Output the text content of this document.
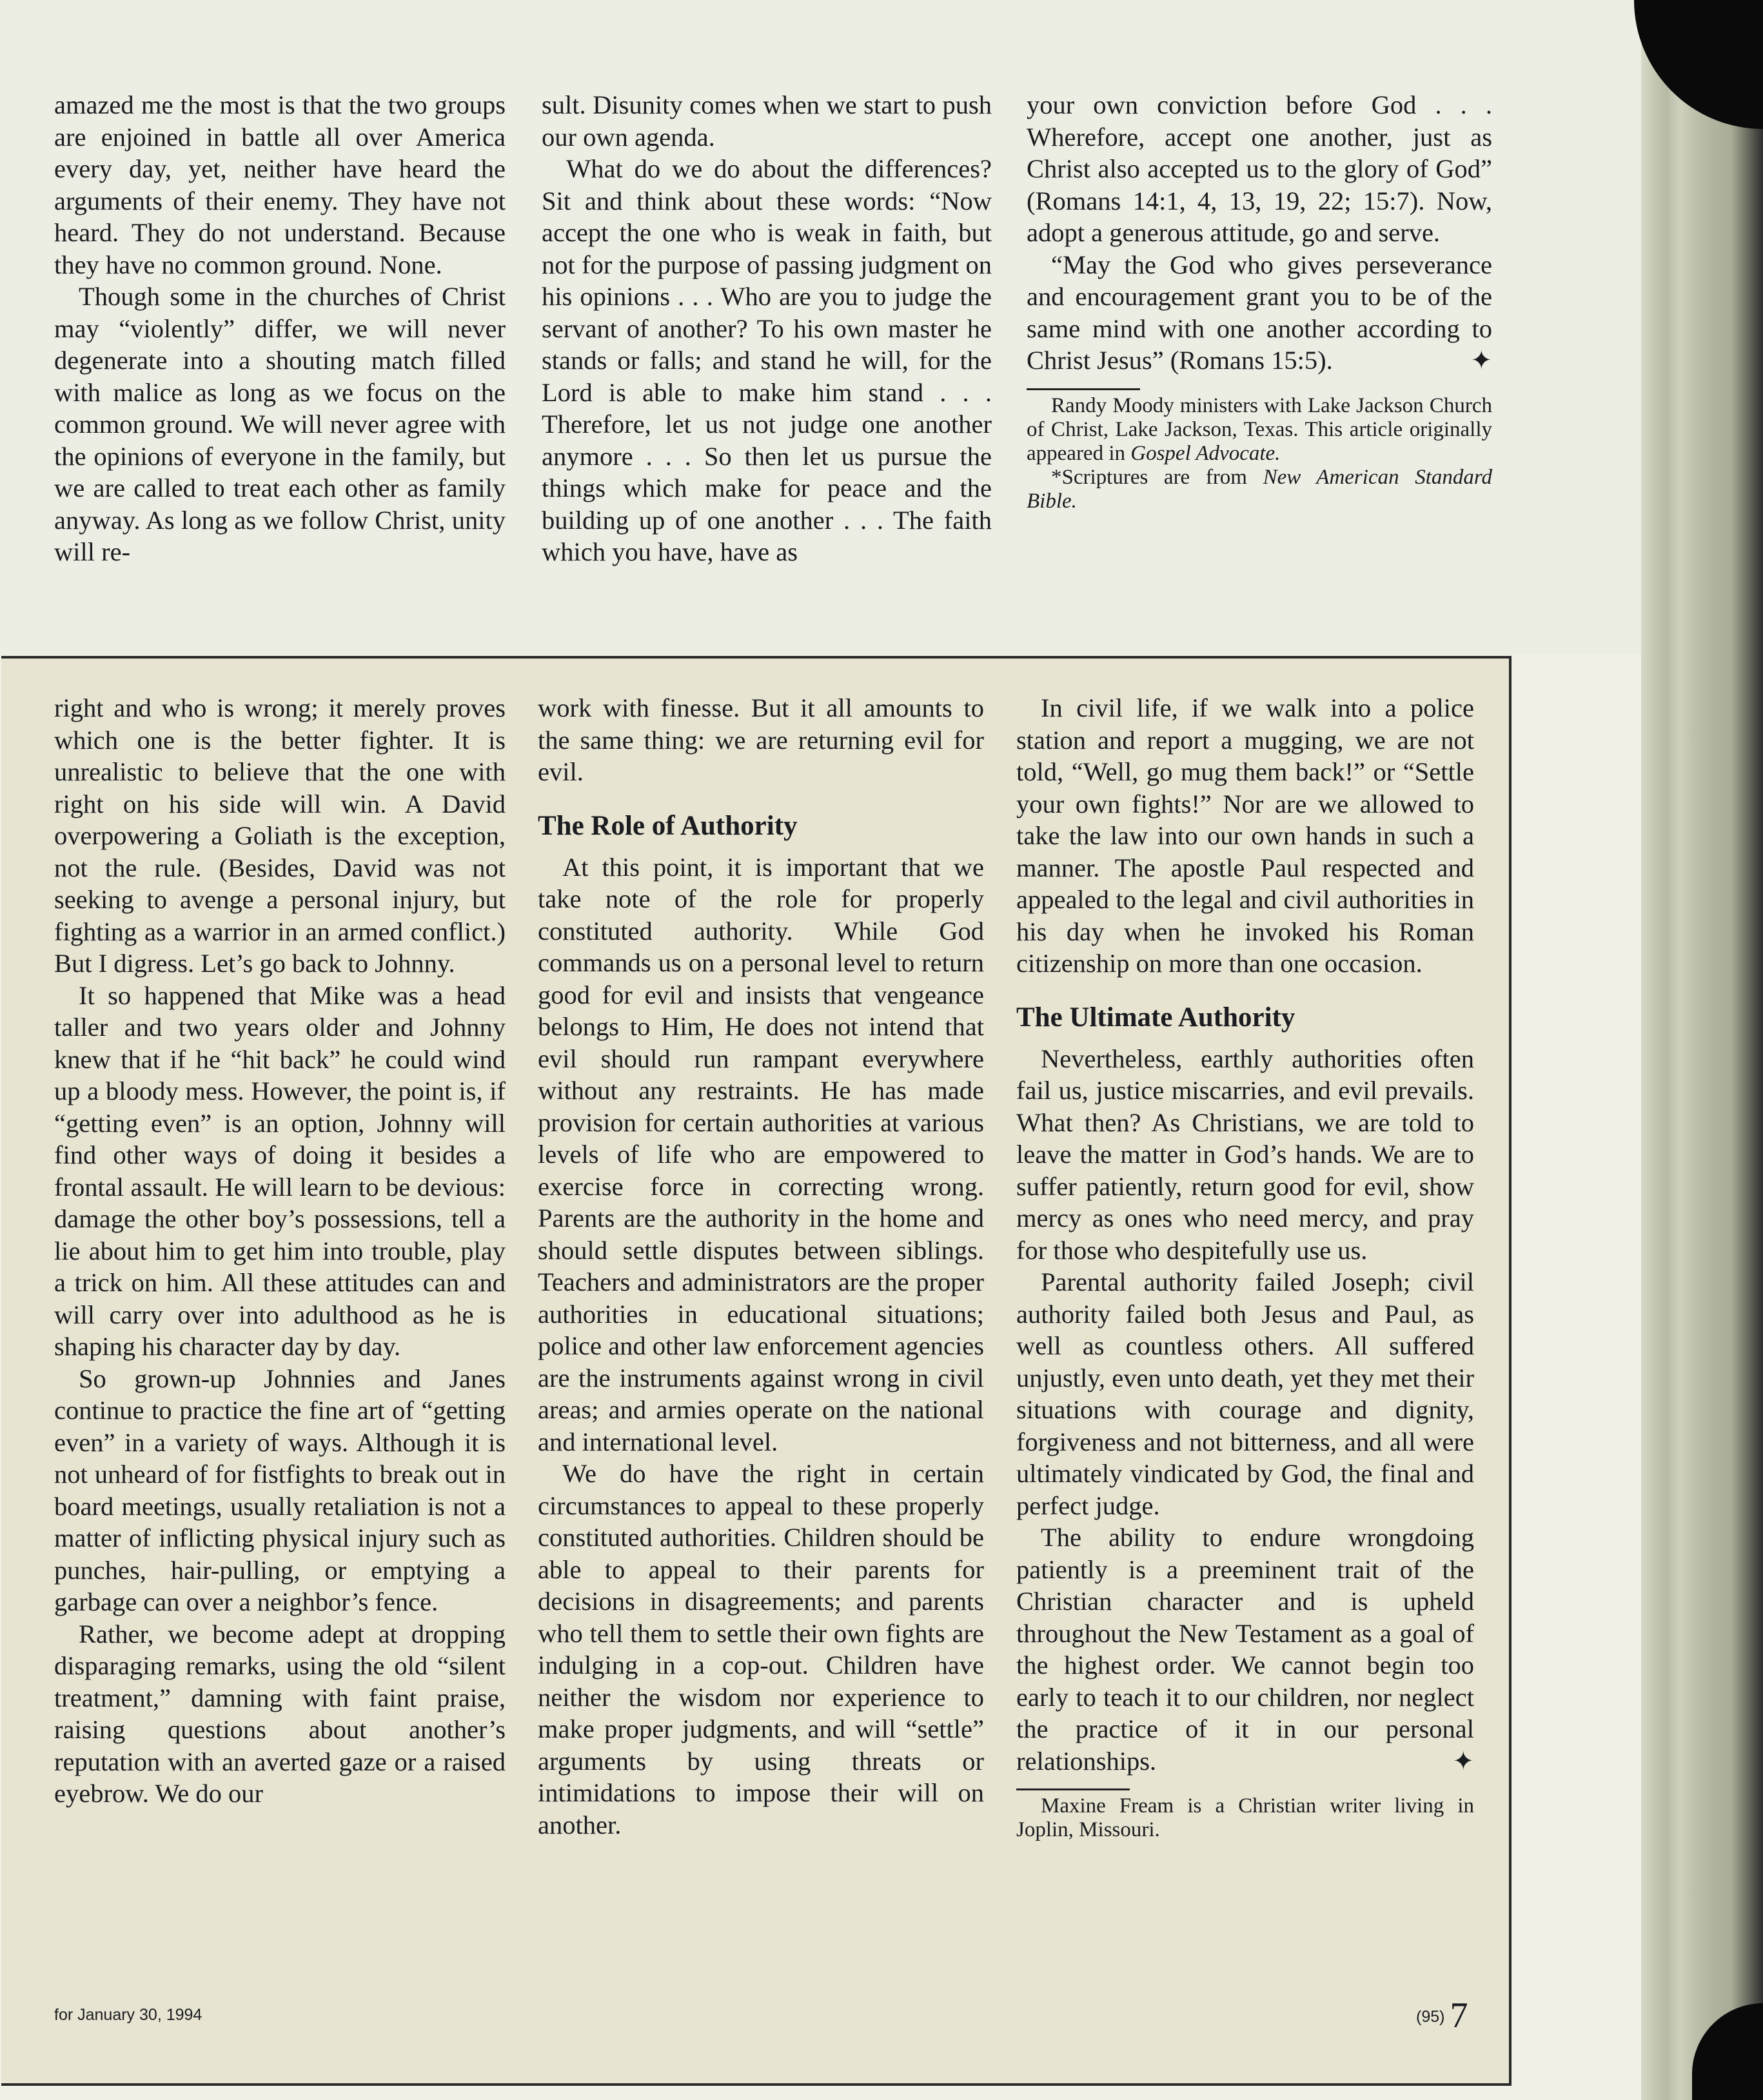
amazed me the most is that the two groups are enjoined in battle all over America every day, yet, neither have heard the arguments of their enemy. They have not heard. They do not understand. Because they have no common ground. None.

Though some in the churches of Christ may “violently” differ, we will never degenerate into a shouting match filled with malice as long as we focus on the common ground. We will never agree with the opinions of everyone in the family, but we are called to treat each other as family anyway. As long as we follow Christ, unity will re-

sult. Disunity comes when we start to push our own agenda.

What do we do about the differences? Sit and think about these words: “Now accept the one who is weak in faith, but not for the purpose of passing judgment on his opinions . . . Who are you to judge the servant of another? To his own master he stands or falls; and stand he will, for the Lord is able to make him stand . . . Therefore, let us not judge one another anymore . . . So then let us pursue the things which make for peace and the building up of one another . . . The faith which you have, have as

your own conviction before God . . . Wherefore, accept one another, just as Christ also accepted us to the glory of God” (Romans 14:1, 4, 13, 19, 22; 15:7). Now, adopt a generous attitude, go and serve.

“May the God who gives perseverance and encouragement grant you to be of the same mind with one another according to Christ Jesus” (Romans 15:5).	✦

Randy Moody ministers with Lake Jackson Church of Christ, Lake Jackson, Texas. This article originally appeared in Gospel Advocate.

*Scriptures are from New American Standard Bible.

right and who is wrong; it merely proves which one is the better fighter. It is unrealistic to believe that the one with right on his side will win. A David overpowering a Goliath is the exception, not the rule. (Besides, David was not seeking to avenge a personal injury, but fighting as a warrior in an armed conflict.) But I digress. Let’s go back to Johnny.

It so happened that Mike was a head taller and two years older and Johnny knew that if he “hit back” he could wind up a bloody mess. However, the point is, if “getting even” is an option, Johnny will find other ways of doing it besides a frontal assault. He will learn to be devious: damage the other boy’s possessions, tell a lie about him to get him into trouble, play a trick on him. All these attitudes can and will carry over into adulthood as he is shaping his character day by day.

So grown-up Johnnies and Janes continue to practice the fine art of “getting even” in a variety of ways. Although it is not unheard of for fistfights to break out in board meetings, usually retaliation is not a matter of inflicting physical injury such as punches, hair-pulling, or emptying a garbage can over a neighbor’s fence.

Rather, we become adept at dropping disparaging remarks, using the old “silent treatment,” damning with faint praise, raising questions about another’s reputation with an averted gaze or a raised eyebrow. We do our

work with finesse. But it all amounts to the same thing: we are returning evil for evil.

The Role of Authority

At this point, it is important that we take note of the role for properly constituted authority. While God commands us on a personal level to return good for evil and insists that vengeance belongs to Him, He does not intend that evil should run rampant everywhere without any restraints. He has made provision for certain authorities at various levels of life who are empowered to exercise force in correcting wrong. Parents are the authority in the home and should settle disputes between siblings. Teachers and administrators are the proper authorities in educational situations; police and other law enforcement agencies are the instruments against wrong in civil areas; and armies operate on the national and international level.

We do have the right in certain circumstances to appeal to these properly constituted authorities. Children should be able to appeal to their parents for decisions in disagreements; and parents who tell them to settle their own fights are indulging in a cop-out. Children have neither the wisdom nor experience to make proper judgments, and will “settle” arguments by using threats or intimidations to impose their will on another.

In civil life, if we walk into a police station and report a mugging, we are not told, “Well, go mug them back!” or “Settle your own fights!” Nor are we allowed to take the law into our own hands in such a manner. The apostle Paul respected and appealed to the legal and civil authorities in his day when he invoked his Roman citizenship on more than one occasion.

The Ultimate Authority

Nevertheless, earthly authorities often fail us, justice miscarries, and evil prevails. What then? As Christians, we are told to leave the matter in God’s hands. We are to suffer patiently, return good for evil, show mercy as ones who need mercy, and pray for those who despitefully use us.

Parental authority failed Joseph; civil authority failed both Jesus and Paul, as well as countless others. All suffered unjustly, even unto death, yet they met their situations with courage and dignity, forgiveness and not bitterness, and all were ultimately vindicated by God, the final and perfect judge.

The ability to endure wrongdoing patiently is a preeminent trait of the Christian character and is upheld throughout the New Testament as a goal of the highest order. We cannot begin too early to teach it to our children, nor neglect the practice of it in our personal relationships.	✦

Maxine Fream is a Christian writer living in Joplin, Missouri.

for January 30, 1994	(95) 7
